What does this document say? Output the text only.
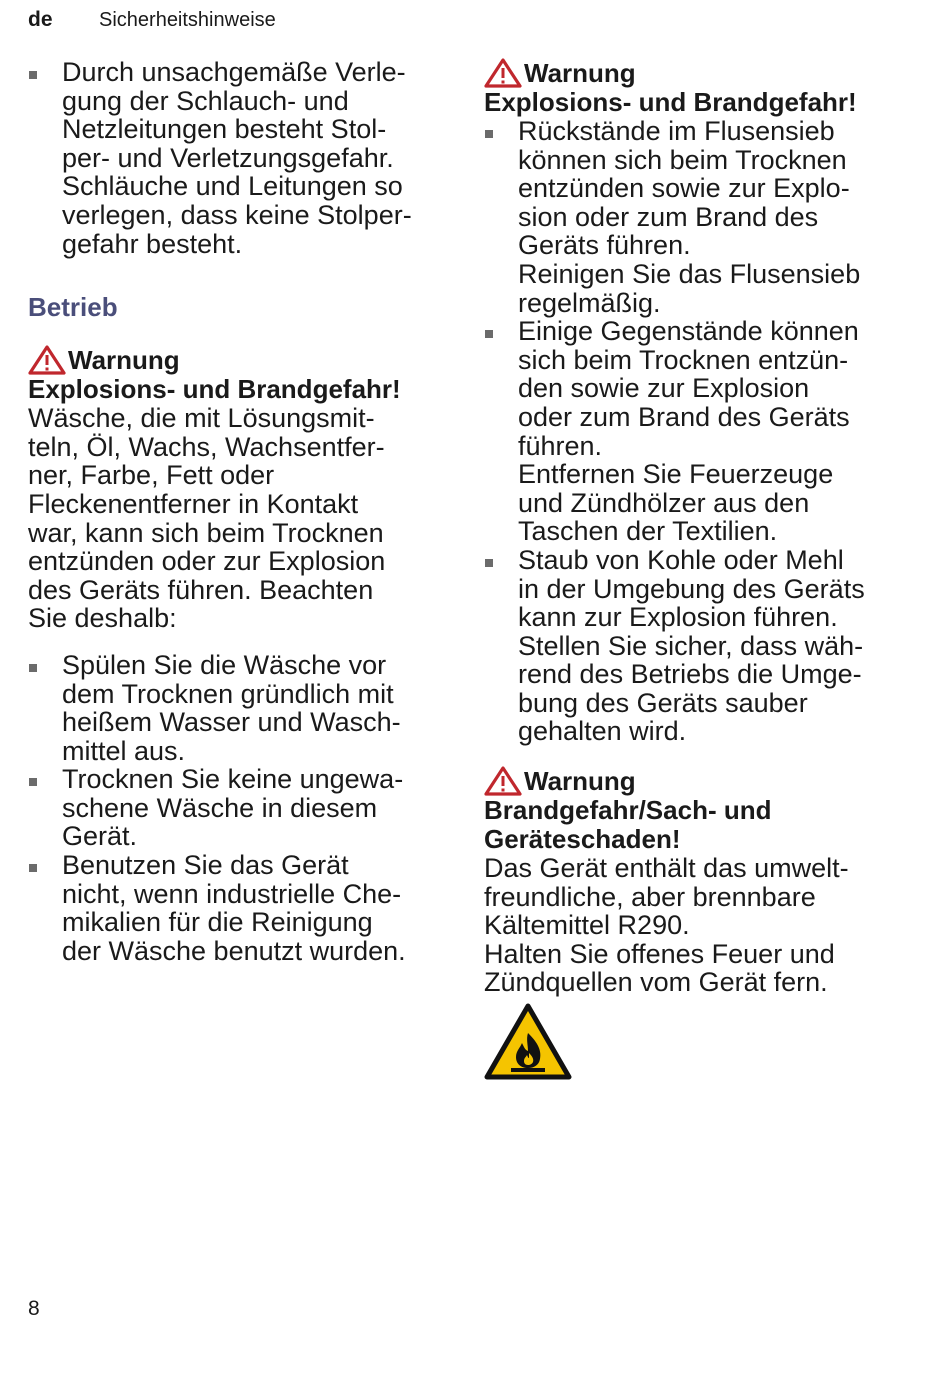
de Sicherheitshinweise
Durch unsachgemäße Verle-
gung der Schlauch- und
Netzleitungen besteht Stol-
per- und Verletzungsgefahr.
Schläuche und Leitungen so
verlegen, dass keine Stolper-
gefahr besteht.
Betrieb
Warnung
Explosions- und Brandgefahr!

Wäsche, die mit Lösungsmit-
teln, Öl, Wachs, Wachsentfer-
ner, Farbe, Fett oder
Fleckenentferner in Kontakt
war, kann sich beim Trocknen
entzünden oder zur Explosion
des Geräts führen. Beachten
Sie deshalb:

Spülen Sie die Wäsche vor
dem Trocknen gründlich mit
heißem Wasser und Wasch-
mittel aus.
Trocknen Sie keine ungewa-
schene Wäsche in diesem
Gerät.
Benutzen Sie das Gerät
nicht, wenn industrielle Che-
mikalien für die Reinigung
der Wäsche benutzt wurden.
Warnung
Explosions- und Brandgefahr!
Rückstände im Flusensieb
können sich beim Trocknen
entzünden sowie zur Explo-
sion oder zum Brand des
Geräts führen.
Reinigen Sie das Flusensieb
regelmäßig.
Einige Gegenstände können
sich beim Trocknen entzün-
den sowie zur Explosion
oder zum Brand des Geräts
führen.
Entfernen Sie Feuerzeuge
und Zündhölzer aus den
Taschen der Textilien.
Staub von Kohle oder Mehl
in der Umgebung des Geräts
kann zur Explosion führen.
Stellen Sie sicher, dass wäh-
rend des Betriebs die Umge-
bung des Geräts sauber
gehalten wird.
Warnung
Brandgefahr/Sach- und
Geräteschaden!

Das Gerät enthält das umwelt-
freundliche, aber brennbare
Kältemittel R290.
Halten Sie offenes Feuer und
Zündquellen vom Gerät fern.

8
